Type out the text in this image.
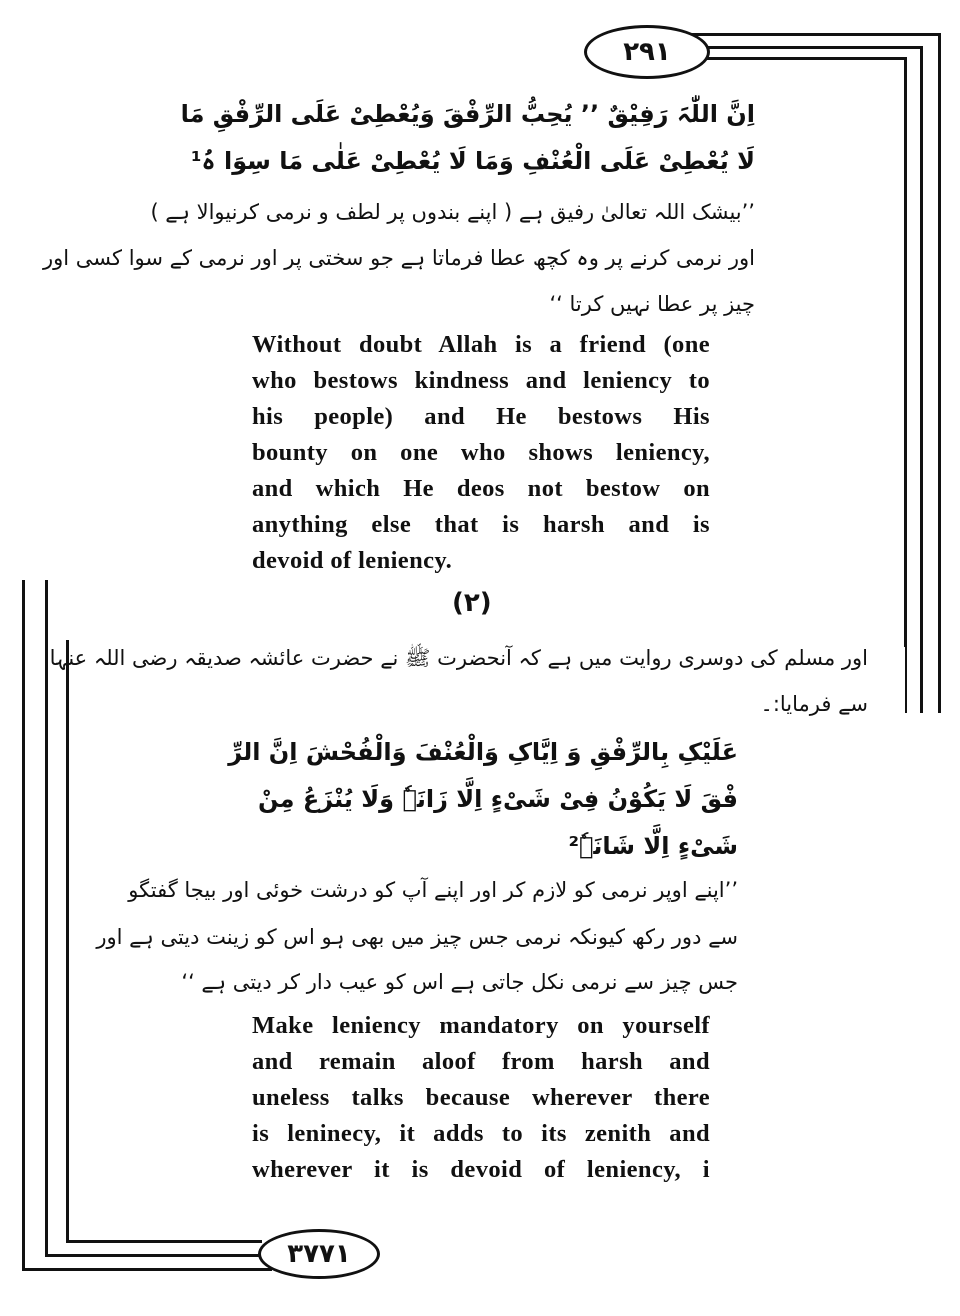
۲۹۱
۳۷۷۱
اِنَّ اللّٰہَ رَفِیْقٌ ’’ یُحِبُّ الرِّفْقَ وَیُعْطِیْ عَلَی الرِّفْقِ مَا
لَا یُعْطِیْ عَلَی الْعُنْفِ وَمَا لَا یُعْطِیْ عَلٰی مَا سِوَا ہُ¹
’’بیشک اللہ تعالیٰ رفیق ہے ( اپنے بندوں پر لطف و نرمی کرنیوالا ہے )
اور نرمی کرنے پر وہ کچھ عطا فرماتا ہے جو سختی پر اور نرمی کے سوا کسی اور
چیز پر عطا نہیں کرتا ‘‘
Without doubt Allah is a friend (one
who bestows kindness and leniency to
his people) and He bestows His
bounty on one who shows leniency,
and which He deos not bestow on
anything else that is harsh and is
devoid of leniency.
(۲)
اور مسلم کی دوسری روایت میں ہے کہ آنحضرت ﷺ نے حضرت عائشہ صدیقہ رضی اللہ عنہا
سے فرمایا:۔
عَلَیْکِ بِالرِّفْقِ وَ اِیَّاکِ وَالْعُنْفَ وَالْفُحْشَ اِنَّ الرِّ
فْقَ لَا یَکُوْنُ فِیْ شَیْءٍ اِلَّا زَانَہٗ وَلَا یُنْزَعُ مِنْ
شَیْءٍ اِلَّا شَانَہٗ²
’’اپنے اوپر نرمی کو لازم کر اور اپنے آپ کو درشت خوئی اور بیجا گفتگو
سے دور رکھ کیونکہ نرمی جس چیز میں بھی ہو اس کو زینت دیتی ہے اور
جس چیز سے نرمی نکل جاتی ہے اس کو عیب دار کر دیتی ہے ‘‘
Make leniency mandatory on yourself
and remain aloof from harsh and
uneless talks because wherever there
is leninecy, it adds to its zenith and
wherever it is devoid of leniency, i
